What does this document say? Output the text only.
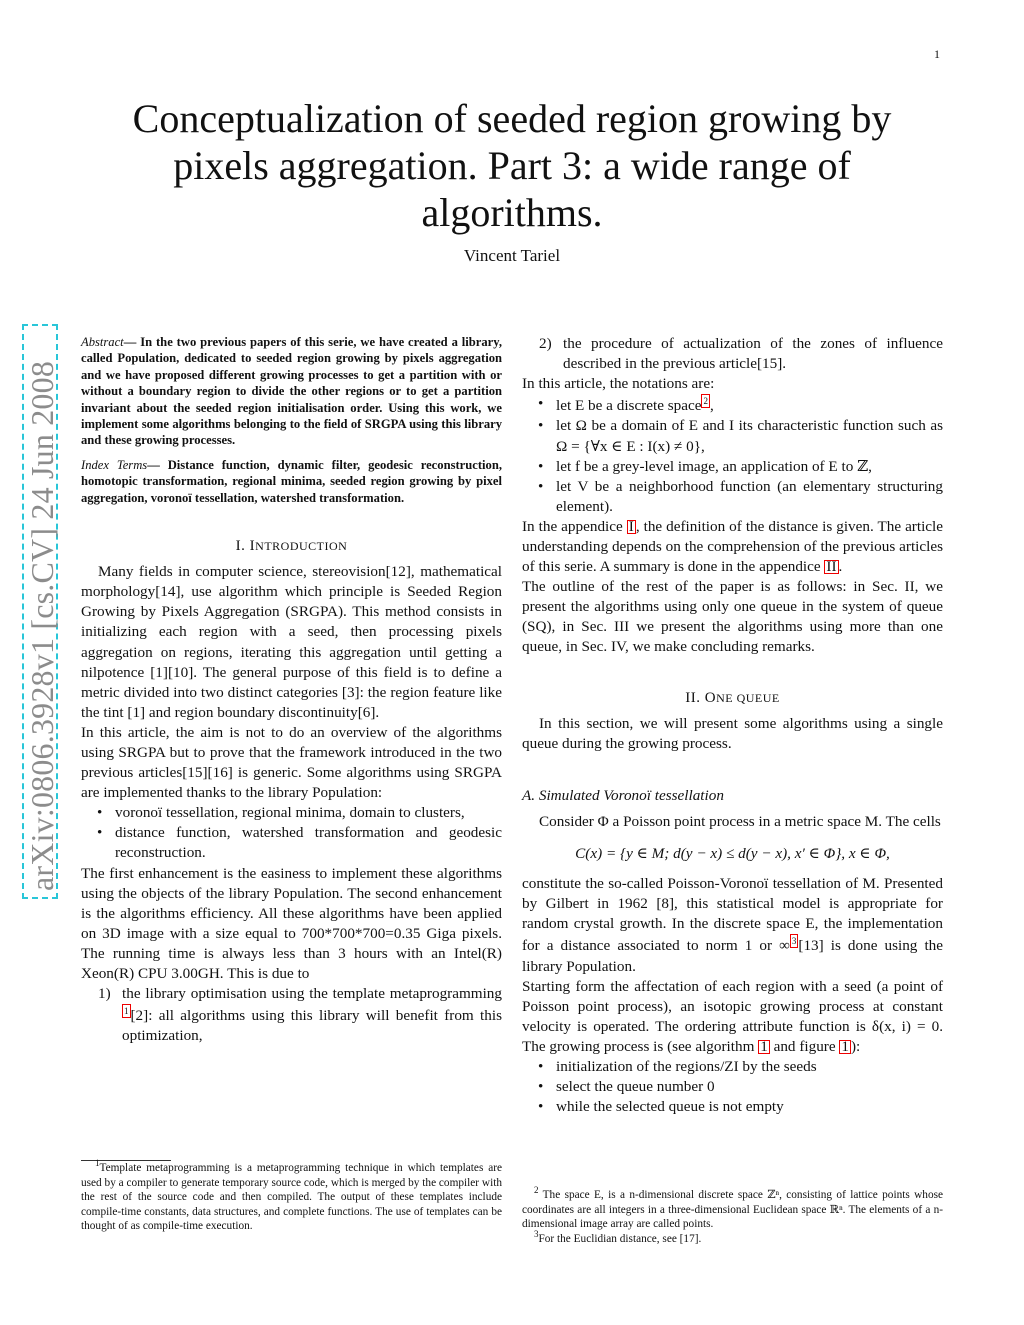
1
Conceptualization of seeded region growing by pixels aggregation. Part 3: a wide range of algorithms.
Vincent Tariel
arXiv:0806.3928v1 [cs.CV] 24 Jun 2008
Abstract— In the two previous papers of this serie, we have created a library, called Population, dedicated to seeded region growing by pixels aggregation and we have proposed different growing processes to get a partition with or without a boundary region to divide the other regions or to get a partition invariant about the seeded region initialisation order. Using this work, we implement some algorithms belonging to the field of SRGPA using this library and these growing processes.
Index Terms— Distance function, dynamic filter, geodesic reconstruction, homotopic transformation, regional minima, seeded region growing by pixel aggregation, voronoï tessellation, watershed transformation.
I. INTRODUCTION

Many fields in computer science, stereovision[12], mathematical morphology[14], use algorithm which principle is Seeded Region Growing by Pixels Aggregation (SRGPA). This method consists in initializing each region with a seed, then processing pixels aggregation on regions, iterating this aggregation until getting a nilpotence [1][10]. The general purpose of this field is to define a metric divided into two distinct categories [3]: the region feature like the tint [1] and region boundary discontinuity[6].

In this article, the aim is not to do an overview of the algorithms using SRGPA but to prove that the framework introduced in the two previous articles[15][16] is generic. Some algorithms using SRGPA are implemented thanks to the library Population:

• voronoï tessellation, regional minima, domain to clusters,
• distance function, watershed transformation and geodesic reconstruction.

The first enhancement is the easiness to implement these algorithms using the objects of the library Population. The second enhancement is the algorithms efficiency. All these algorithms have been applied on 3D image with a size equal to 700*700*700=0.35 Giga pixels. The running time is always less than 3 hours with an Intel(R) Xeon(R) CPU 3.00GH. This is due to

1) the library optimisation using the template metaprogramming$^1$ [2]: all algorithms using this library will benefit from this optimization,

$^1$Template metaprogramming is a metaprogramming technique in which templates are used by a compiler to generate temporary source code, which is merged by the compiler with the rest of the source code and then compiled. The output of these templates include compile-time constants, data structures, and complete functions. The use of templates can be thought of as compile-time execution.

2) the procedure of actualization of the zones of influence described in the previous article[15].

In this article, the notations are:

• let E be a discrete space $^2$ ,
• let Ω be a domain of E and I its characteristic function such as Ω = {∀x ∈ E : I(x) ≠ 0},
• let f be a grey-level image, an application of E to ℤ,
• let V be a neighborhood function (an elementary structuring element).

In the appendice I , the definition of the distance is given. The article understanding depends on the comprehension of the previous articles of this serie. A summary is done in the appendice II .

The outline of the rest of the paper is as follows: in Sec. II, we present the algorithms using only one queue in the system of queue (SQ), in Sec. III we present the algorithms using more than one queue, in Sec. IV, we make concluding remarks.

II. ONE QUEUE

In this section, we will present some algorithms using a single queue during the growing process.

A. Simulated Voronoï tessellation

Consider Φ a Poisson point process in a metric space M. The cells

C(x) = {y ∈ M; d(y − x) ≤ d(y − x), x′ ∈ Φ}, x ∈ Φ,

constitute the so-called Poisson-Voronoï tessellation of M. Presented by Gilbert in 1962 [8], this statistical model is appropriate for random crystal growth. In the discrete space E, the implementation for a distance associated to norm 1 or ∞ $^3$ [13] is done using the library Population.

Starting form the affectation of each region with a seed (a point of Poisson point process), an isotopic growing process at constant velocity is operated. The ordering attribute function is δ(x, i) = 0. The growing process is (see algorithm 1 and figure 1 ):

• initialization of the regions/ZI by the seeds
• select the queue number 0
• while the selected queue is not empty

$^2$ The space E, is a n-dimensional discrete space ℤⁿ, consisting of lattice points whose coordinates are all integers in a three-dimensional Euclidean space ℝⁿ. The elements of a n-dimensional image array are called points.

$^3$For the Euclidian distance, see [17].
